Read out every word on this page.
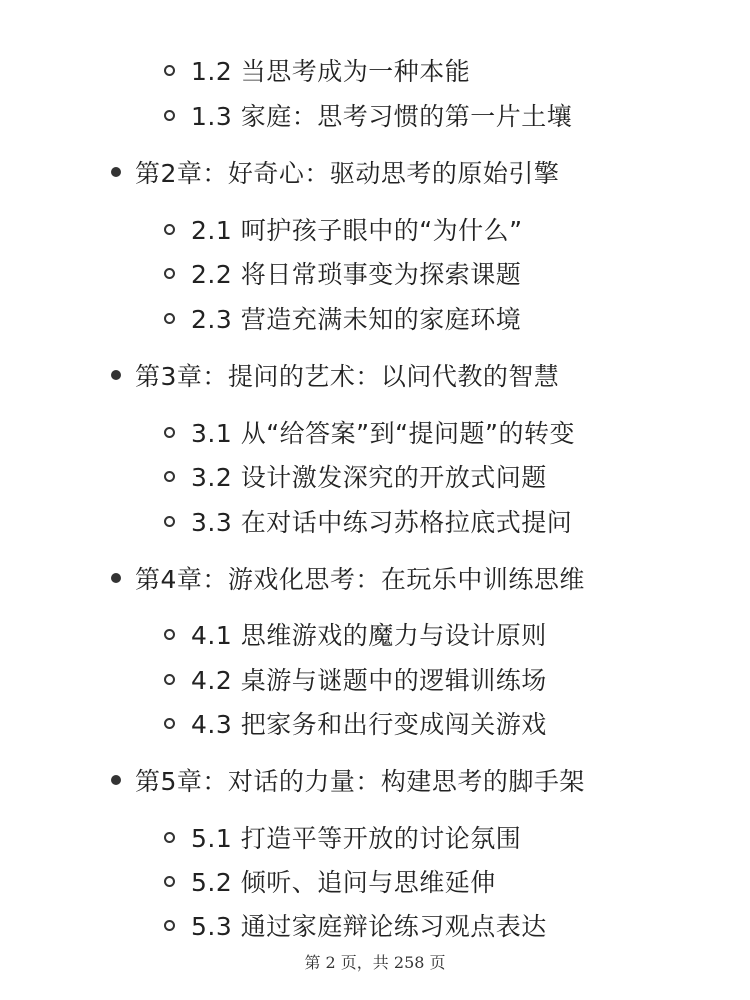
1.2 当思考成为一种本能
1.3 家庭：思考习惯的第一片土壤
第2章：好奇心：驱动思考的原始引擎
2.1 呵护孩子眼中的“为什么”
2.2 将日常琐事变为探索课题
2.3 营造充满未知的家庭环境
第3章：提问的艺术：以问代教的智慧
3.1 从“给答案”到“提问题”的转变
3.2 设计激发深究的开放式问题
3.3 在对话中练习苏格拉底式提问
第4章：游戏化思考：在玩乐中训练思维
4.1 思维游戏的魔力与设计原则
4.2 桌游与谜题中的逻辑训练场
4.3 把家务和出行变成闯关游戏
第5章：对话的力量：构建思考的脚手架
5.1 打造平等开放的讨论氛围
5.2 倾听、追问与思维延伸
5.3 通过家庭辩论练习观点表达
第 2 页，共 258 页
